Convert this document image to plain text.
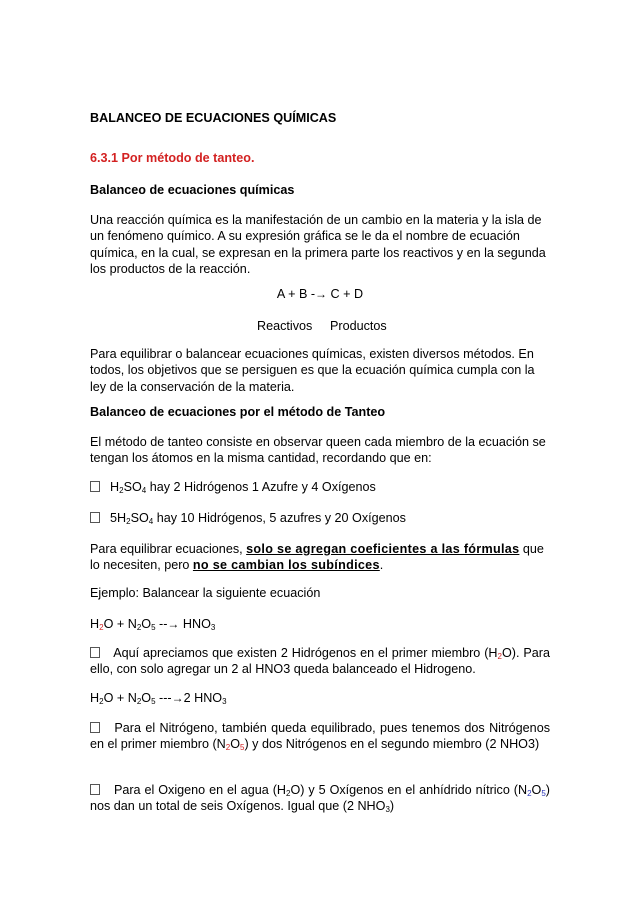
BALANCEO DE ECUACIONES QUÍMICAS
6.3.1 Por método de tanteo.
Balanceo de ecuaciones químicas
Una reacción química es la manifestación de un cambio en la materia y la isla de un fenómeno químico. A su expresión gráfica se le da el nombre de ecuación química, en la cual, se expresan en la primera parte los reactivos y en la segunda los productos de la reacción.
A + B -→ C + D
Reactivos Productos
Para equilibrar o balancear ecuaciones químicas, existen diversos métodos. En todos, los objetivos que se persiguen es que la ecuación química cumpla con la ley de la conservación de la materia.
Balanceo de ecuaciones por el método de Tanteo
El método de tanteo consiste en observar queen cada miembro de la ecuación se tengan los átomos en la misma cantidad, recordando que en:
$H_2SO_4$ hay 2 Hidrógenos 1 Azufre y 4 Oxígenos
$5H_2SO_4$ hay 10 Hidrógenos, 5 azufres y 20 Oxígenos
Para equilibrar ecuaciones, solo se agregan coeficientes a las fórmulas que lo necesiten, pero no se cambian los subíndices.
Ejemplo: Balancear la siguiente ecuación
$H_2O + N_2O_5$ --→ $HNO_3$
Aquí apreciamos que existen 2 Hidrógenos en el primer miembro $(H_2O)$. Para ello, con solo agregar un 2 al HNO3 queda balanceado el Hidrogeno.
$H_2O + N_2O_5$ ---→2 $HNO_3$
Para el Nitrógeno, también queda equilibrado, pues tenemos dos Nitrógenos en el primer miembro $(N_2O_5)$ y dos Nitrógenos en el segundo miembro (2 NHO3)
Para el Oxigeno en el agua $(H_2O)$ y 5 Oxígenos en el anhídrido nítrico $(N_2O_5)$ nos dan un total de seis Oxígenos. Igual que (2 $NHO_3$)
